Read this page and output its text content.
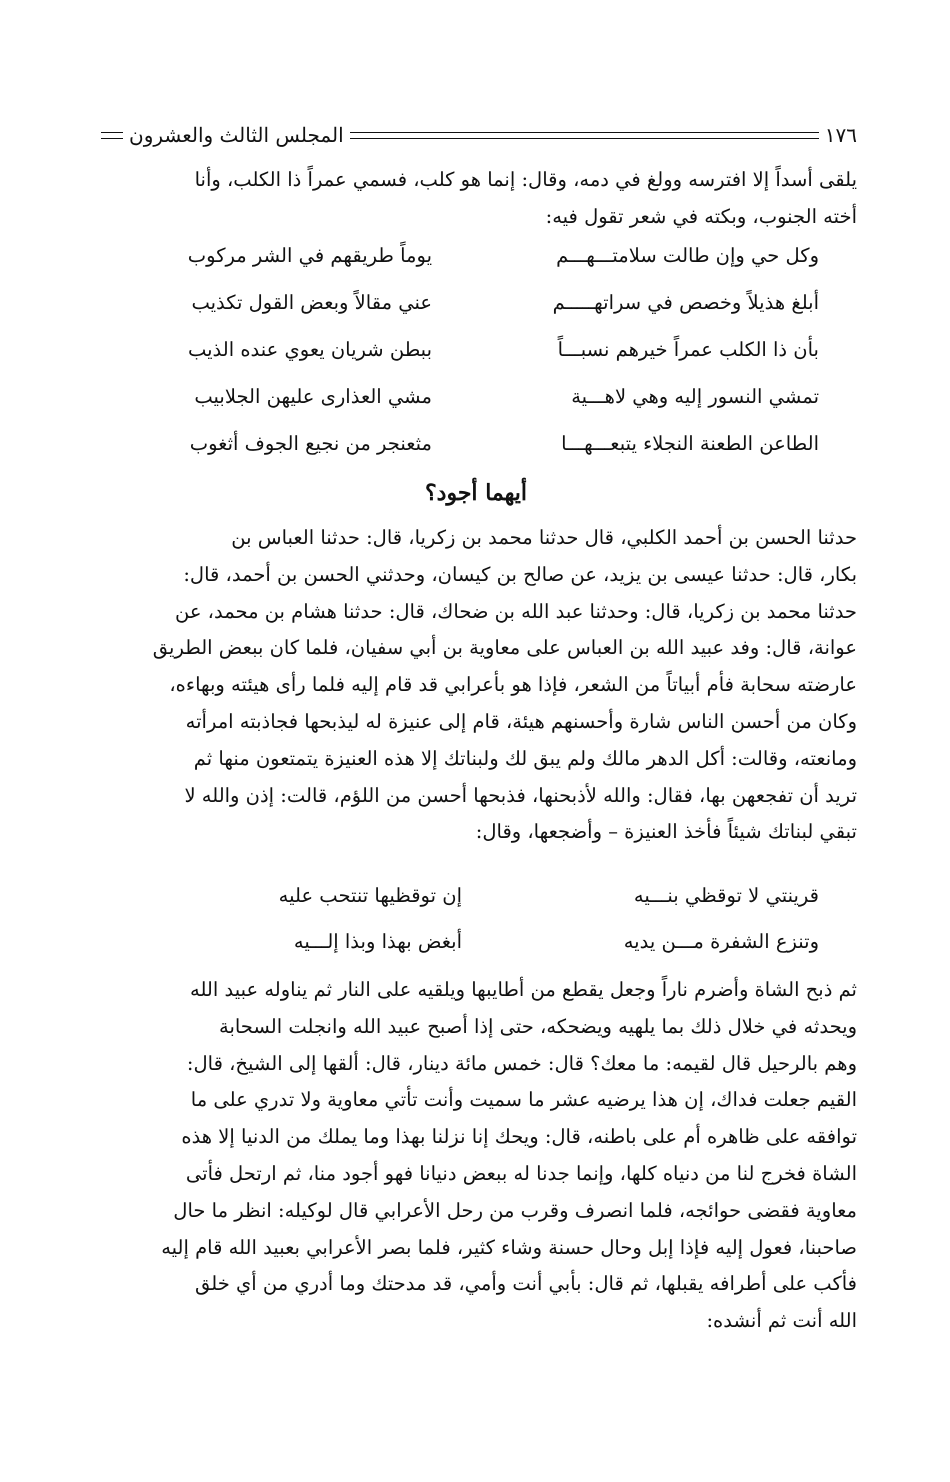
١٧٦
المجلس الثالث والعشرون
يلقى أسداً إلا افترسه وولغ في دمه، وقال: إنما هو كلب، فسمي عمراً ذا الكلب، وأنا
أخته الجنوب، وبكته في شعر تقول فيه:
وكل حي وإن طالت سلامتـــهـــم
يوماً طريقهم في الشر مركوب
أبلغ هذيلاً وخصص في سراتهـــــم
عني مقالاً وبعض القول تكذيب
بأن ذا الكلب عمراً خيرهم نسبـــاً
ببطن شريان يعوي عنده الذيب
تمشي النسور إليه وهي لاهـــية
مشي العذارى عليهن الجلابيب
الطاعن الطعنة النجلاء يتبعـــهـــا
مثعنجر من نجيع الجوف أثغوب
أيهما أجود؟
حدثنا الحسن بن أحمد الكلبي، قال حدثنا محمد بن زكريا، قال: حدثنا العباس بن
بكار، قال: حدثنا عيسى بن يزيد، عن صالح بن كيسان، وحدثني الحسن بن أحمد، قال:
حدثنا محمد بن زكريا، قال: وحدثنا عبد الله بن ضحاك، قال: حدثنا هشام بن محمد، عن
عوانة، قال: وفد عبيد الله بن العباس على معاوية بن أبي سفيان، فلما كان ببعض الطريق
عارضته سحابة فأم أبياتاً من الشعر، فإذا هو بأعرابي قد قام إليه فلما رأى هيئته وبهاءه،
وكان من أحسن الناس شارة وأحسنهم هيئة، قام إلى عنيزة له ليذبحها فجاذبته امرأته
ومانعته، وقالت: أكل الدهر مالك ولم يبق لك ولبناتك إلا هذه العنيزة يتمتعون منها ثم
تريد أن تفجعهن بها، فقال: والله لأذبحنها، فذبحها أحسن من اللؤم، قالت: إذن والله لا
تبقي لبناتك شيئاً فأخذ العنيزة – وأضجعها، وقال:
قرينتي لا توقظي بنـــيه
إن توقظيها تنتحب عليه
وتنزع الشفرة مـــن يديه
أبغض بهذا وبذا إلـــيه
ثم ذبح الشاة وأضرم ناراً وجعل يقطع من أطايبها ويلقيه على النار ثم يناوله عبيد الله
ويحدثه في خلال ذلك بما يلهيه ويضحكه، حتى إذا أصبح عبيد الله وانجلت السحابة
وهم بالرحيل قال لقيمه: ما معك؟ قال: خمس مائة دينار، قال: ألقها إلى الشيخ، قال:
القيم جعلت فداك، إن هذا يرضيه عشر ما سميت وأنت تأتي معاوية ولا تدري على ما
توافقه على ظاهره أم على باطنه، قال: ويحك إنا نزلنا بهذا وما يملك من الدنيا إلا هذه
الشاة فخرج لنا من دنياه كلها، وإنما جدنا له ببعض دنيانا فهو أجود منا، ثم ارتحل فأتى
معاوية فقضى حوائجه، فلما انصرف وقرب من رحل الأعرابي قال لوكيله: انظر ما حال
صاحبنا، فعول إليه فإذا إبل وحال حسنة وشاء كثير، فلما بصر الأعرابي بعبيد الله قام إليه
فأكب على أطرافه يقبلها، ثم قال: بأبي أنت وأمي، قد مدحتك وما أدري من أي خلق
الله أنت ثم أنشده:
